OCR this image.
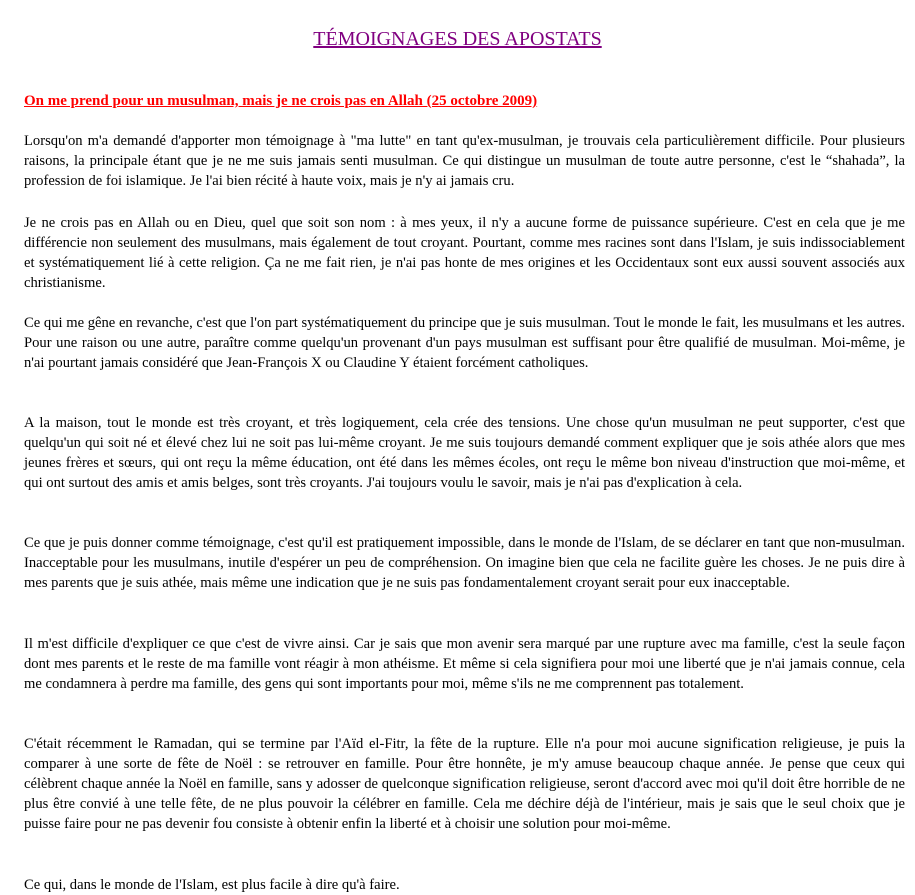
TÉMOIGNAGES DES APOSTATS
On me prend pour un musulman, mais je ne crois pas en Allah (25 octobre 2009)

Lorsqu'on m'a demandé d'apporter mon témoignage à "ma lutte" en tant qu'ex-musulman, je trouvais cela particulièrement difficile. Pour plusieurs raisons, la principale étant que je ne me suis jamais senti musulman. Ce qui distingue un musulman de toute autre personne, c'est le “shahada”, la profession de foi islamique. Je l'ai bien récité à haute voix, mais je n'y ai jamais cru.

Je ne crois pas en Allah ou en Dieu, quel que soit son nom : à mes yeux, il n'y a aucune forme de puissance supérieure. C'est en cela que je me différencie non seulement des musulmans, mais également de tout croyant. Pourtant, comme mes racines sont dans l'Islam, je suis indissociablement et systématiquement lié à cette religion. Ça ne me fait rien, je n'ai pas honte de mes origines et les Occidentaux sont eux aussi souvent associés aux christianisme.

Ce qui me gêne en revanche, c'est que l'on part systématiquement du principe que je suis musulman. Tout le monde le fait, les musulmans et les autres. Pour une raison ou une autre, paraître comme quelqu'un provenant d'un pays musulman est suffisant pour être qualifié de musulman. Moi-même, je n'ai pourtant jamais considéré que Jean-François X ou Claudine Y étaient forcément catholiques.

A la maison, tout le monde est très croyant, et très logiquement, cela crée des tensions. Une chose qu'un musulman ne peut supporter, c'est que quelqu'un qui soit né et élevé chez lui ne soit pas lui-même croyant. Je me suis toujours demandé comment expliquer que je sois athée alors que mes jeunes frères et sœurs, qui ont reçu la même éducation, ont été dans les mêmes écoles, ont reçu le même bon niveau d'instruction que moi-même, et qui ont surtout des amis et amis belges, sont très croyants. J'ai toujours voulu le savoir, mais je n'ai pas d'explication à cela.

Ce que je puis donner comme témoignage, c'est qu'il est pratiquement impossible, dans le monde de l'Islam, de se déclarer en tant que non-musulman. Inacceptable pour les musulmans, inutile d'espérer un peu de compréhension. On imagine bien que cela ne facilite guère les choses. Je ne puis dire à mes parents que je suis athée, mais même une indication que je ne suis pas fondamentalement croyant serait pour eux inacceptable.

Il m'est difficile d'expliquer ce que c'est de vivre ainsi. Car je sais que mon avenir sera marqué par une rupture avec ma famille, c'est la seule façon dont mes parents et le reste de ma famille vont réagir à mon athéisme. Et même si cela signifiera pour moi une liberté que je n'ai jamais connue, cela me condamnera à perdre ma famille, des gens qui sont importants pour moi, même s'ils ne me comprennent pas totalement.

C'était récemment le Ramadan, qui se termine par l'Aïd el-Fitr, la fête de la rupture. Elle n'a pour moi aucune signification religieuse, je puis la comparer à une sorte de fête de Noël : se retrouver en famille. Pour être honnête, je m'y amuse beaucoup chaque année. Je pense que ceux qui célèbrent chaque année la Noël en famille, sans y adosser de quelconque signification religieuse, seront d'accord avec moi qu'il doit être horrible de ne plus être convié à une telle fête, de ne plus pouvoir la célébrer en famille. Cela me déchire déjà de l'intérieur, mais je sais que le seul choix que je puisse faire pour ne pas devenir fou consiste à obtenir enfin la liberté et à choisir une solution pour moi-même.

Ce qui, dans le monde de l'Islam, est plus facile à dire qu'à faire.
